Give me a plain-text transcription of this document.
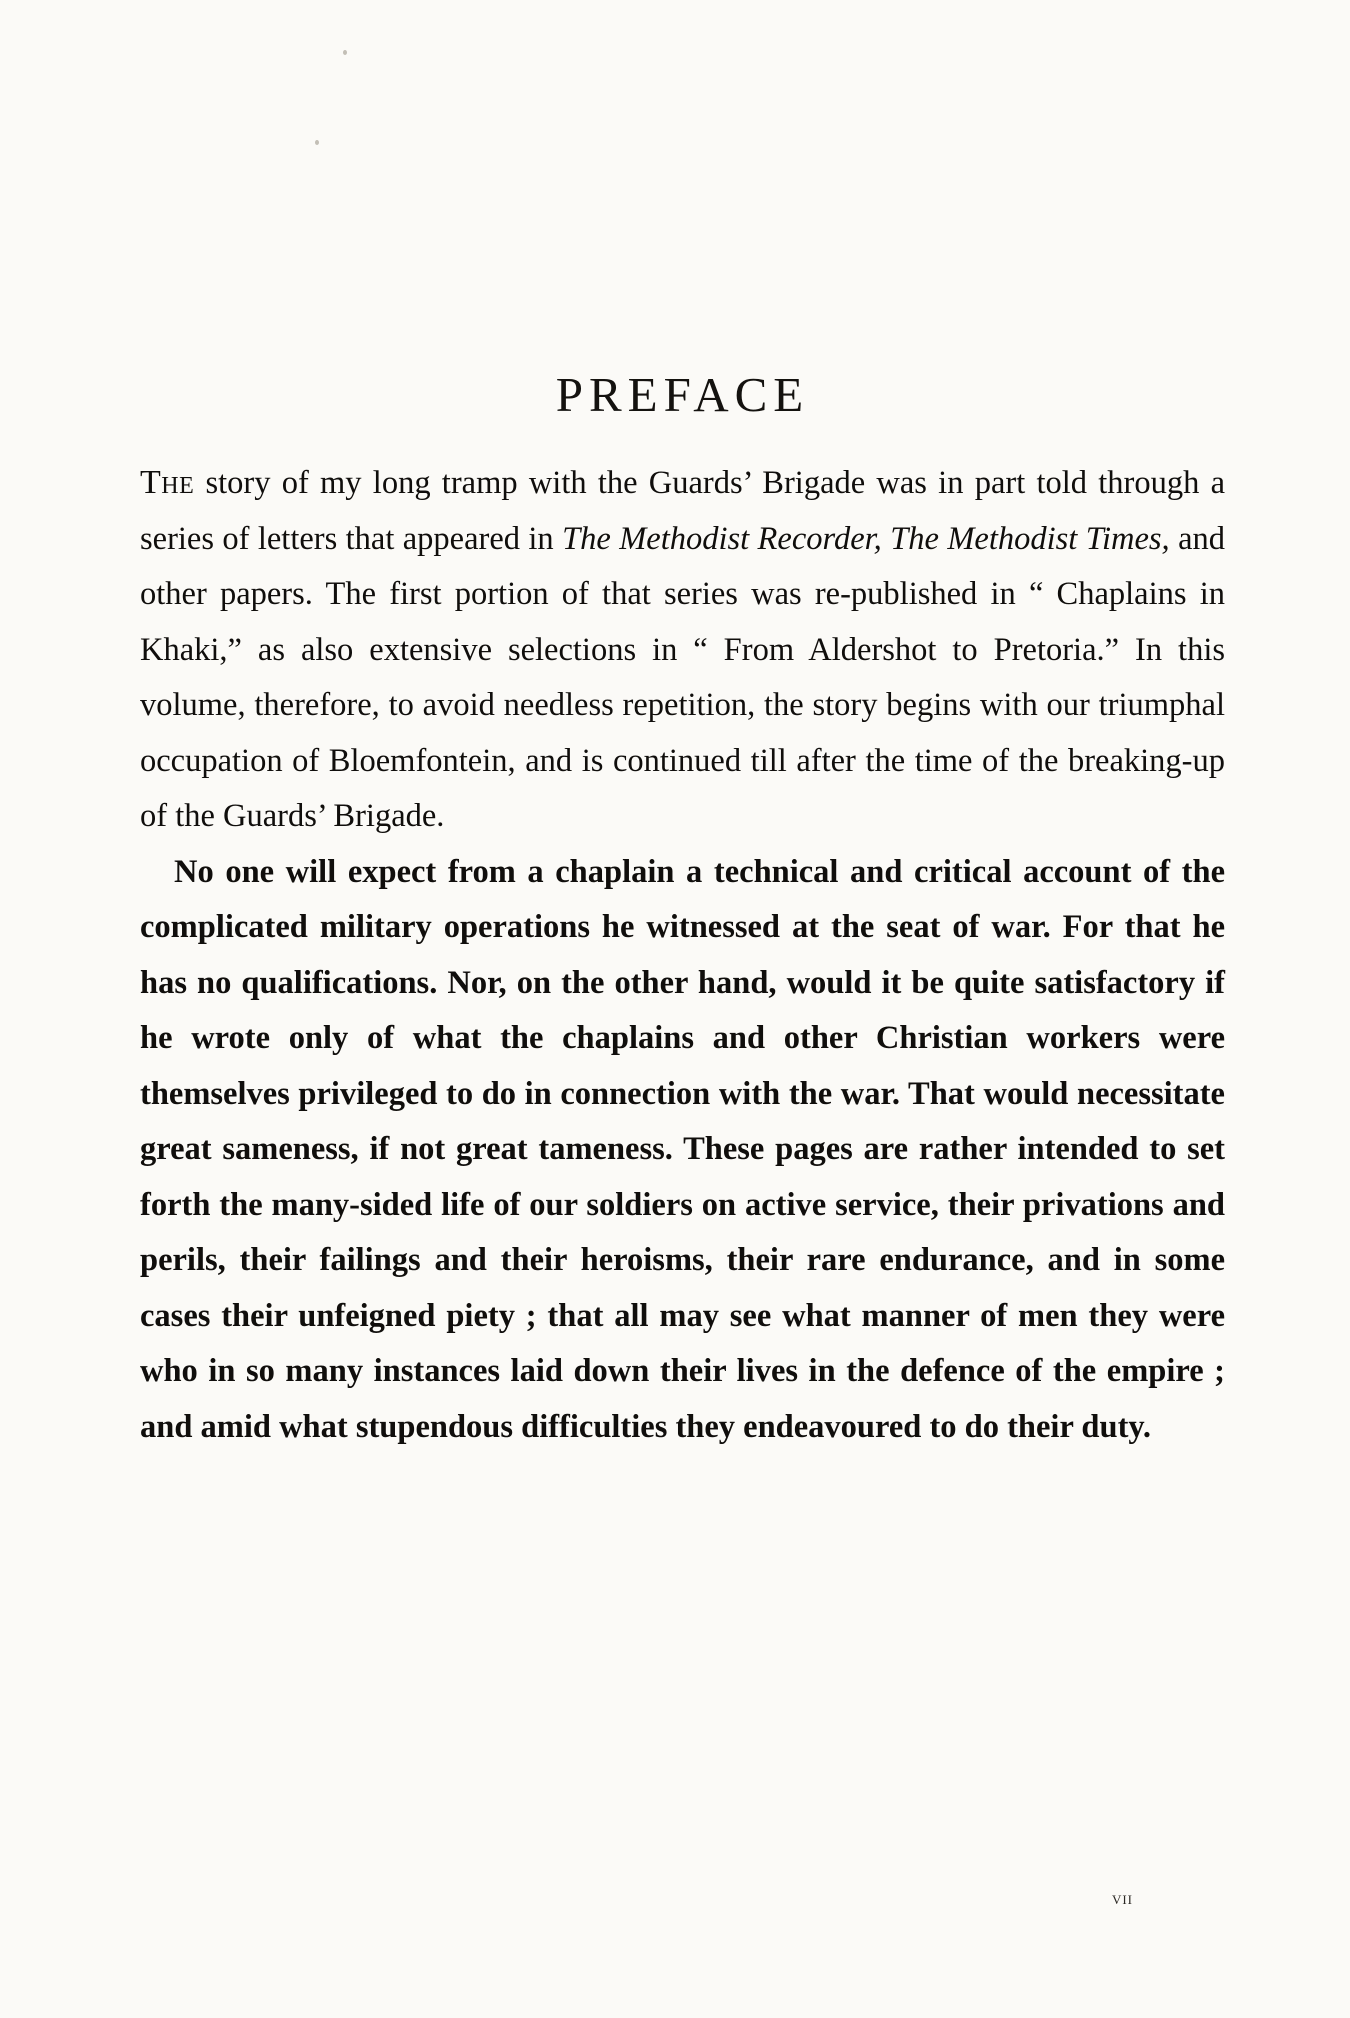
PREFACE

The story of my long tramp with the Guards’ Brigade was in part told through a series of letters that appeared in The Methodist Recorder, The Methodist Times, and other papers. The first portion of that series was re-published in “ Chaplains in Khaki,” as also extensive selections in “ From Aldershot to Pretoria.” In this volume, therefore, to avoid needless repetition, the story begins with our triumphal occupation of Bloemfontein, and is continued till after the time of the breaking-up of the Guards’ Brigade.

No one will expect from a chaplain a technical and critical account of the complicated military operations he witnessed at the seat of war. For that he has no qualifications. Nor, on the other hand, would it be quite satisfactory if he wrote only of what the chaplains and other Christian workers were themselves privileged to do in connection with the war. That would necessitate great sameness, if not great tameness. These pages are rather intended to set forth the many-sided life of our soldiers on active service, their privations and perils, their failings and their heroisms, their rare endurance, and in some cases their unfeigned piety ; that all may see what manner of men they were who in so many instances laid down their lives in the defence of the empire ; and amid what stupendous difficulties they endeavoured to do their duty.

vii
